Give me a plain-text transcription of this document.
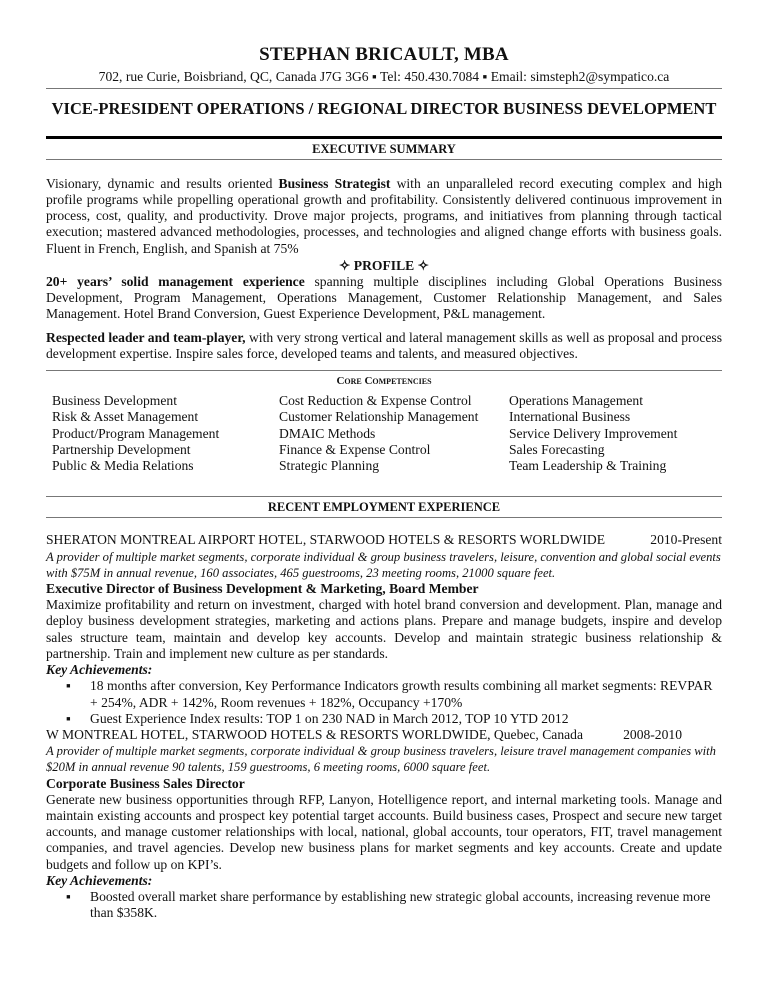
STEPHAN BRICAULT, MBA
702, rue Curie, Boisbriand, QC, Canada J7G 3G6 ▪ Tel: 450.430.7084 ▪ Email: simsteph2@sympatico.ca
VICE-PRESIDENT OPERATIONS / REGIONAL DIRECTOR BUSINESS DEVELOPMENT
EXECUTIVE SUMMARY

Visionary, dynamic and results oriented Business Strategist with an unparalleled record executing complex and high profile programs while propelling operational growth and profitability. Consistently delivered continuous improvement in process, cost, quality, and productivity. Drove major projects, programs, and initiatives from planning through tactical execution; mastered advanced methodologies, processes, and technologies and aligned change efforts with business goals. Fluent in French, English, and Spanish at 75%

✧ PROFILE ✧

20+ years’ solid management experience spanning multiple disciplines including Global Operations Business Development, Program Management, Operations Management, Customer Relationship Management, and Sales Management. Hotel Brand Conversion, Guest Experience Development, P&L management.

Respected leader and team-player, with very strong vertical and lateral management skills as well as proposal and process development expertise. Inspire sales force, developed teams and talents, and measured objectives.

Core Competencies
Business Development	Cost Reduction & Expense Control	Operations Management
Risk & Asset Management	Customer Relationship Management	International Business
Product/Program Management	DMAIC Methods	Service Delivery Improvement
Partnership Development	Finance & Expense Control	Sales Forecasting
Public & Media Relations	Strategic Planning	Team Leadership & Training
RECENT EMPLOYMENT EXPERIENCE
SHERATON MONTREAL AIRPORT HOTEL, STARWOOD HOTELS & RESORTS WORLDWIDE	2010-Present
A provider of multiple market segments, corporate individual & group business travelers, leisure, convention and global social events with $75M in annual revenue, 160 associates, 465 guestrooms, 23 meeting rooms, 21000 square feet.
Executive Director of Business Development & Marketing, Board Member

Maximize profitability and return on investment, charged with hotel brand conversion and development. Plan, manage and deploy business development strategies, marketing and actions plans. Prepare and manage budgets, inspire and develop sales structure team, maintain and develop key accounts. Develop and maintain strategic business relationship & partnership. Train and implement new culture as per standards.

Key Achievements:
▪ 18 months after conversion, Key Performance Indicators growth results combining all market segments: REVPAR + 254%, ADR + 142%, Room revenues + 182%, Occupancy +170%
▪ Guest Experience Index results: TOP 1 on 230 NAD in March 2012, TOP 10 YTD 2012
W MONTREAL HOTEL, STARWOOD HOTELS & RESORTS WORLDWIDE, Quebec, Canada	2008-2010
A provider of multiple market segments, corporate individual & group business travelers, leisure travel management companies with $20M in annual revenue 90 talents, 159 guestrooms, 6 meeting rooms, 6000 square feet.
Corporate Business Sales Director

Generate new business opportunities through RFP, Lanyon, Hotelligence report, and internal marketing tools. Manage and maintain existing accounts and prospect key potential target accounts. Build business cases, Prospect and secure new target accounts, and manage customer relationships with local, national, global accounts, tour operators, FIT, travel management companies, and travel agencies. Develop new business plans for market segments and key accounts. Create and update budgets and follow up on KPI’s.

Key Achievements:
▪ Boosted overall market share performance by establishing new strategic global accounts, increasing revenue more than $358K.
